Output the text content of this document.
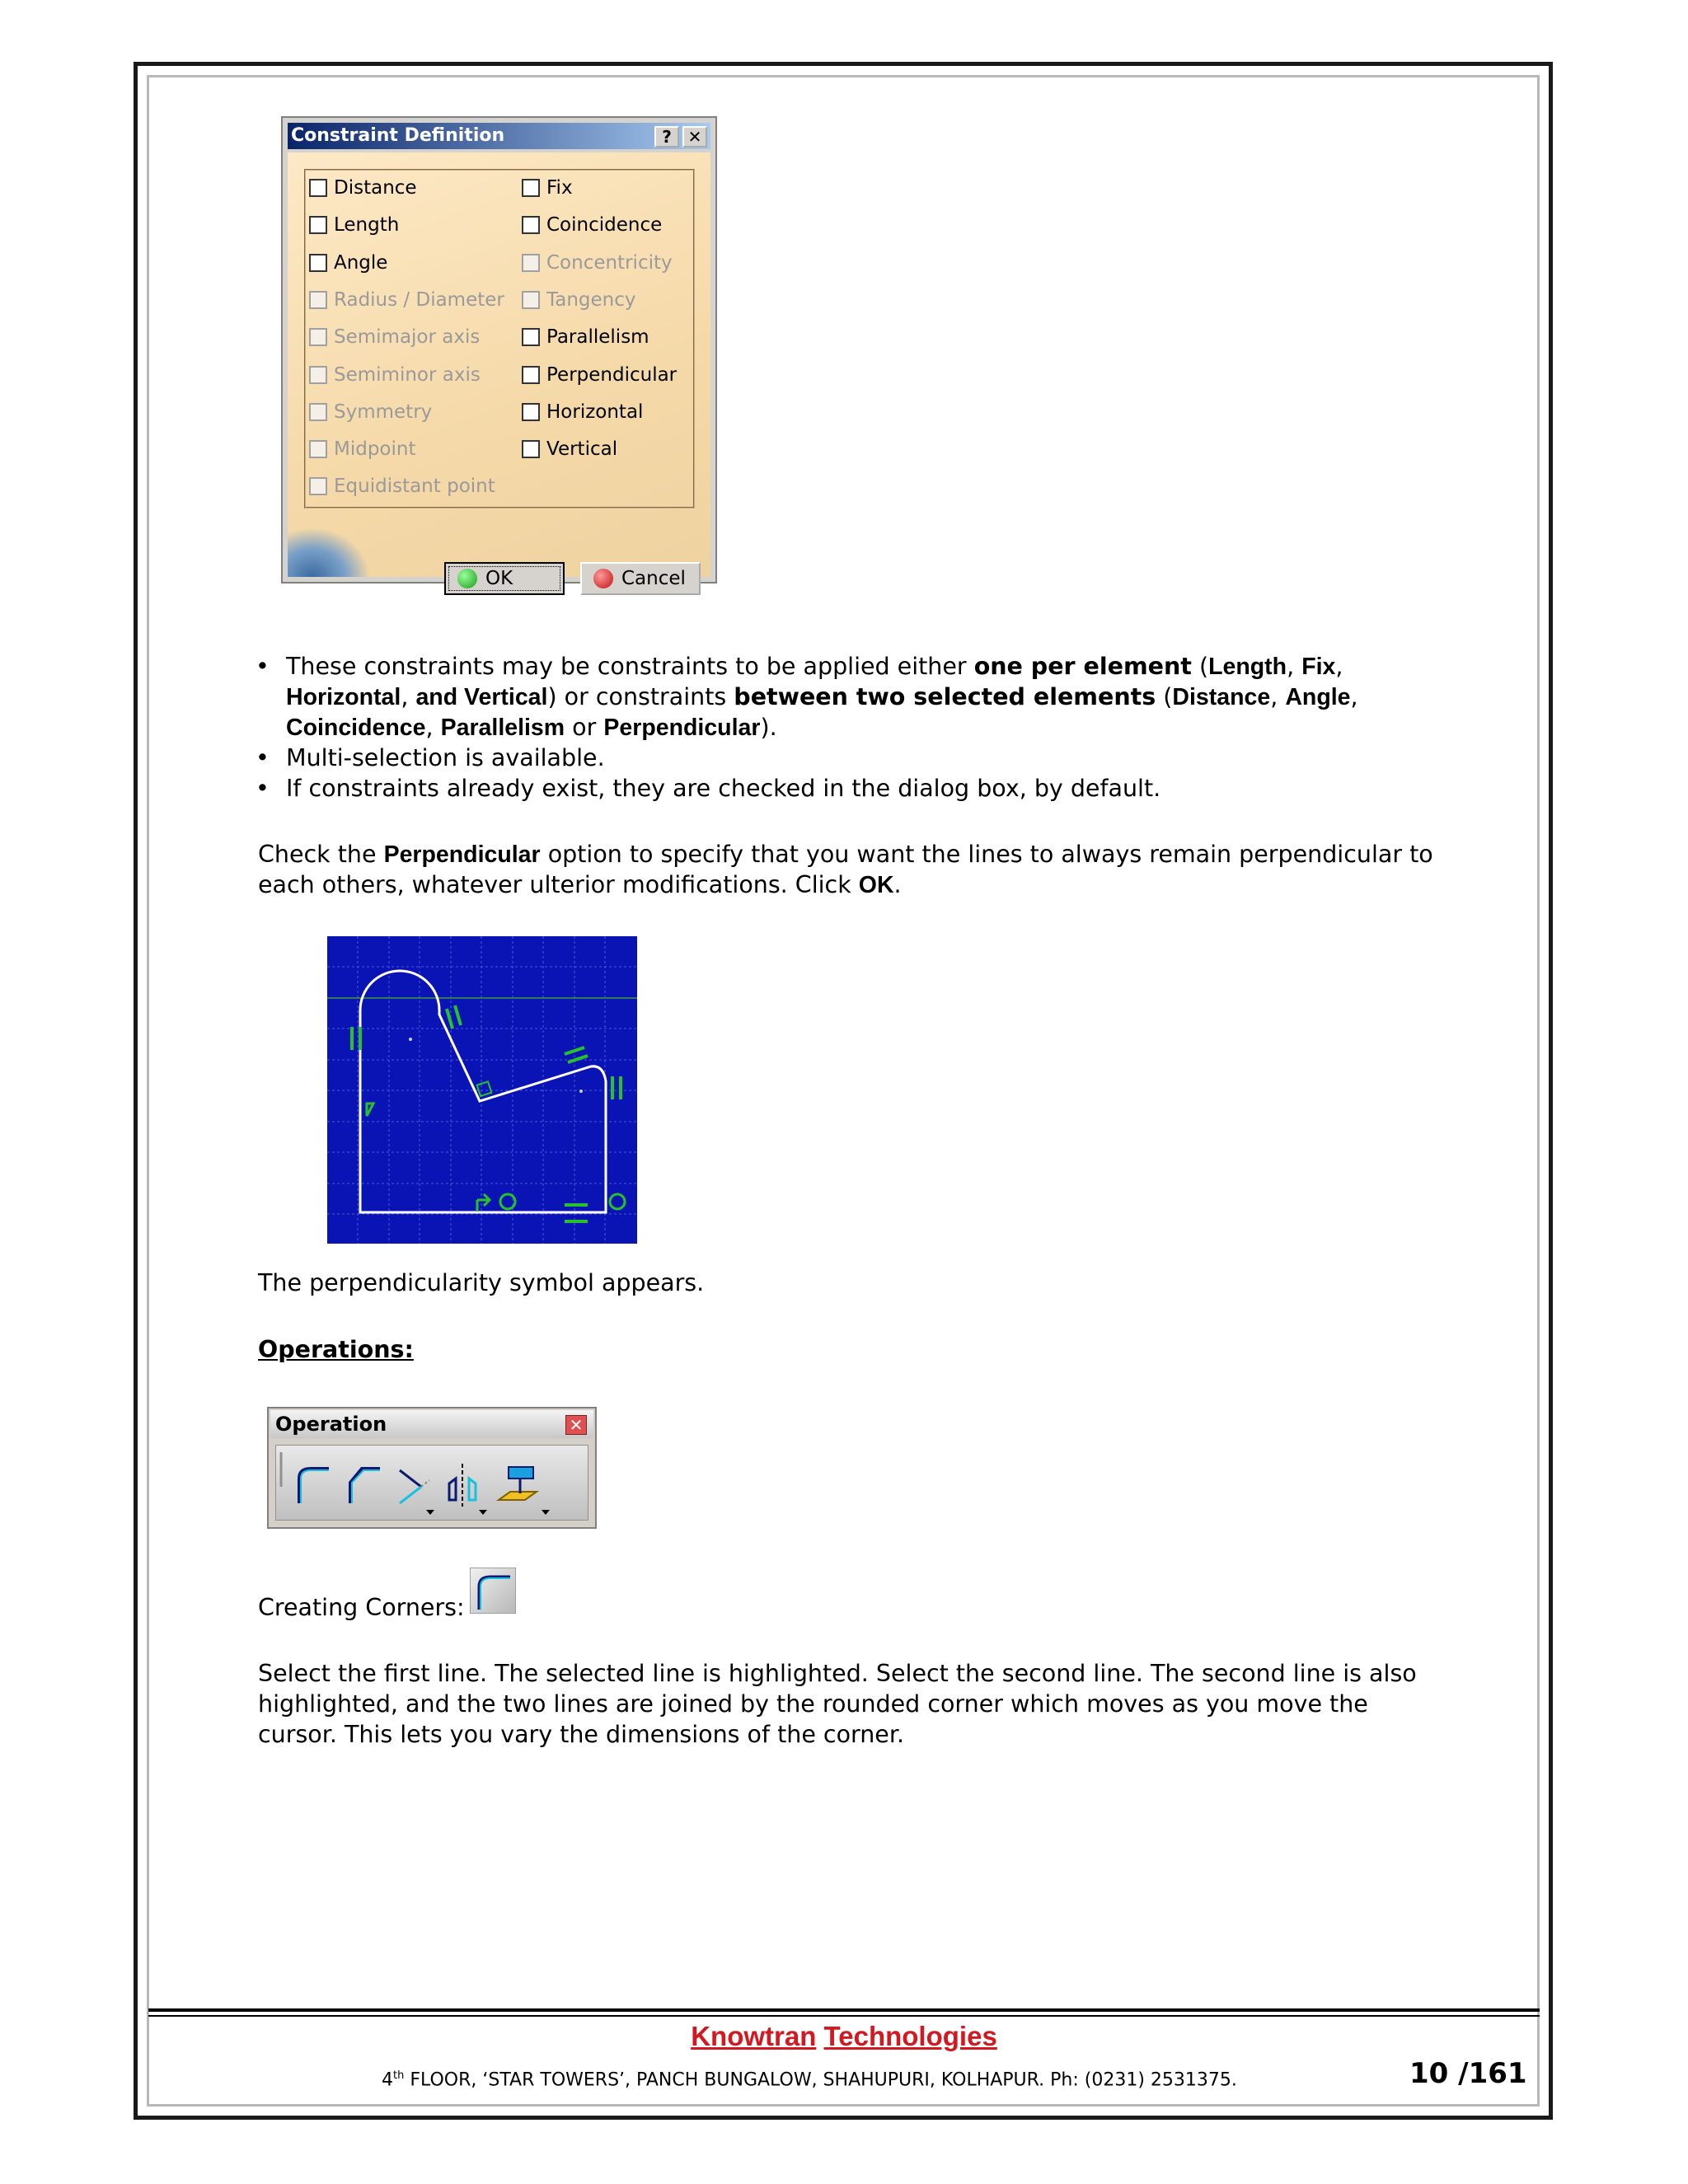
Constraint Definition	? ✕
Distance
Length
Angle
Radius / Diameter
Semimajor axis
Semiminor axis
Symmetry
Midpoint
Equidistant point
Fix
Coincidence
Concentricity
Tangency
Parallelism
Perpendicular
Horizontal
Vertical
OK	Cancel
• These constraints may be constraints to be applied either one per element (Length, Fix,
Horizontal, and Vertical) or constraints between two selected elements (Distance, Angle,
Coincidence, Parallelism or Perpendicular).
• Multi-selection is available.
• If constraints already exist, they are checked in the dialog box, by default.
Check the Perpendicular option to specify that you want the lines to always remain perpendicular to
each others, whatever ulterior modifications. Click OK.
The perpendicularity symbol appears.
Operations:
Operation	✕
Creating Corners:
Select the first line. The selected line is highlighted. Select the second line. The second line is also
highlighted, and the two lines are joined by the rounded corner which moves as you move the
cursor. This lets you vary the dimensions of the corner.
Knowtran Technologies
4th FLOOR, ‘STAR TOWERS’, PANCH BUNGALOW, SHAHUPURI, KOLHAPUR. Ph: (0231) 2531375.	10 /161
